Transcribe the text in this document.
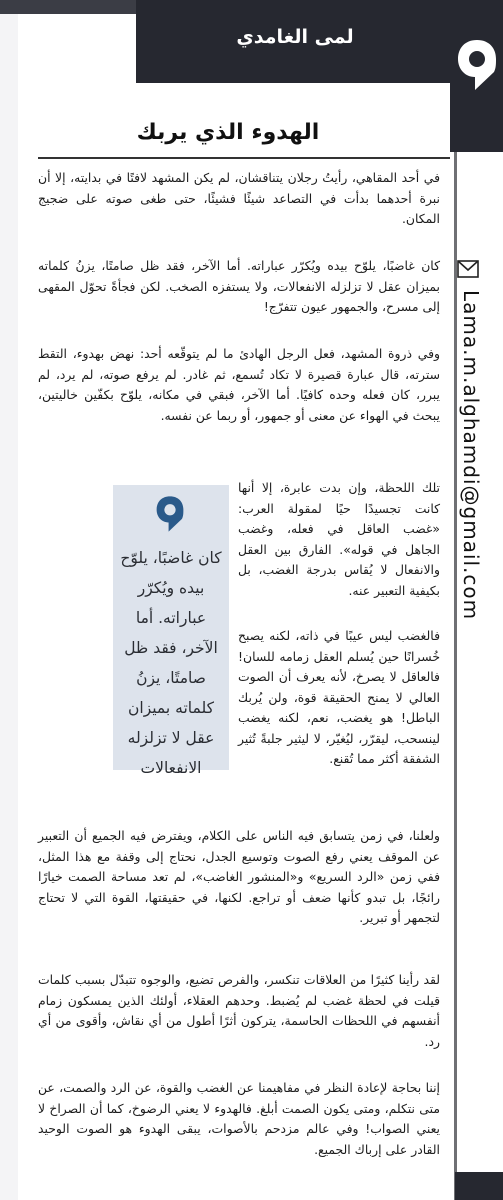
لمى الغامدي
Lama.m.alghamdi@gmail.com
الهدوء الذي يربك
في أحد المقاهي، رأيتُ رجلان يتناقشان، لم يكن المشهد لافتًا في بدايته، إلا أن نبرة أحدهما بدأت في التصاعد شيئًا فشيئًا، حتى طغى صوته على ضجيج المكان.
كان غاضبًا، يلوّح بيده ويُكرّر عباراته. أما الآخر، فقد ظل صامتًا، يزنُ كلماته بميزان عقل لا تزلزله الانفعالات، ولا يستفزه الصخب. لكن فجأةً تحوّل المقهى إلى مسرح، والجمهور عيون تتفرّج!
وفي ذروة المشهد، فعل الرجل الهادئ ما لم يتوقّعه أحد: نهض بهدوء، التقط سترته، قال عبارة قصيرة لا تكاد تُسمع، ثم غادر. لم يرفع صوته، لم يرد، لم يبرر، كان فعله وحده كافيًا. أما الآخر، فبقي في مكانه، يلوّح بكفّين خاليتين، يبحث في الهواء عن معنى أو جمهور، أو ربما عن نفسه.
تلك اللحظة، وإن بدت عابرة، إلا أنها كانت تجسيدًا حيًا لمقولة العرب: «غضب العاقل في فعله، وغضب الجاهل في قوله». الفارق بين العقل والانفعال لا يُقاس بدرجة الغضب، بل بكيفية التعبير عنه.
فالغضب ليس عيبًا في ذاته، لكنه يصبح خُسرانًا حين يُسلم العقل زمامه للسان! فالعاقل لا يصرخ، لأنه يعرف أن الصوت العالي لا يمنح الحقيقة قوة، ولن يُربك الباطل! هو يغضب، نعم، لكنه يغضب لينسحب، ليقرّر، ليُغيّر، لا ليثير جلبةً تُثير الشفقة أكثر مما تُقنع.
كان غاضبًا، يلوّح بيده ويُكرّر عباراته. أما الآخر، فقد ظل صامتًا، يزنُ كلماته بميزان عقل لا تزلزله الانفعالات
ولعلنا، في زمن يتسابق فيه الناس على الكلام، ويفترض فيه الجميع أن التعبير عن الموقف يعني رفع الصوت وتوسيع الجدل، نحتاج إلى وقفة مع هذا المثل، ففي زمن «الرد السريع» و«المنشور الغاضب»، لم تعد مساحة الصمت خيارًا رائجًا، بل تبدو كأنها ضعف أو تراجع. لكنها، في حقيقتها، القوة التي لا تحتاج لتجمهر أو تبرير.
لقد رأينا كثيرًا من العلاقات تنكسر، والفرص تضيع، والوجوه تتبدّل بسبب كلمات قيلت في لحظة غضب لم يُضبط. وحدهم العقلاء، أولئك الذين يمسكون زمام أنفسهم في اللحظات الحاسمة، يتركون أثرًا أطول من أي نقاش، وأقوى من أي رد.
إننا بحاجة لإعادة النظر في مفاهيمنا عن الغضب والقوة، عن الرد والصمت، عن متى نتكلم، ومتى يكون الصمت أبلغ. فالهدوء لا يعني الرضوخ، كما أن الصراخ لا يعني الصواب! وفي عالم مزدحم بالأصوات، يبقى الهدوء هو الصوت الوحيد القادر على إرباك الجميع.
